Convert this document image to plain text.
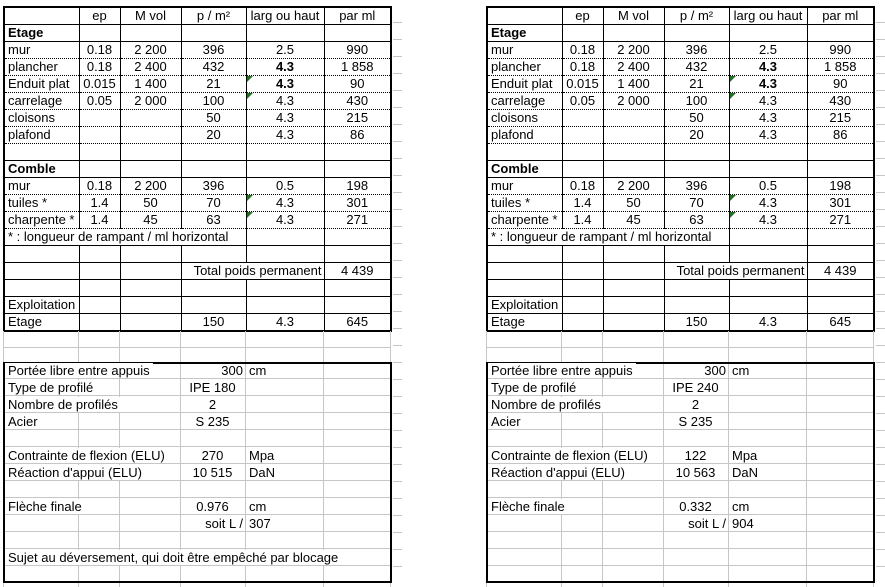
	ep	M vol	p / m²	larg ou haut	par ml
Etage					
mur	0.18	2 200	396	2.5	990
plancher	0.18	2 400	432	4.3	1 858
Enduit plat	0.015	1 400	21	4.3	90
carrelage	0.05	2 000	100	4.3	430
cloisons			50	4.3	215
plafond			20	4.3	86

Comble					
mur	0.18	2 200	396	0.5	198
tuiles *	1.4	50	70	4.3	301
charpente *	1.4	45	63	4.3	271
* : longueur de rampant / ml horizontal					

			Total poids permanent		4 439

Exploitation					
Etage			150	4.3	645
Portée libre entre appuis	300 cm
Type de profilé	IPE 180
Nombre de profilés	2
Acier	S 235
Contrainte de flexion (ELU)	270	Mpa
Réaction d'appui (ELU)	10 515	DaN
Flèche finale	0.976	cm
soit L / 307
Sujet au déversement, qui doit être empêché par blocage
	ep	M vol	p / m²	larg ou haut	par ml
Etage					
mur	0.18	2 200	396	2.5	990
plancher	0.18	2 400	432	4.3	1 858
Enduit plat	0.015	1 400	21	4.3	90
carrelage	0.05	2 000	100	4.3	430
cloisons			50	4.3	215
plafond			20	4.3	86

Comble					
mur	0.18	2 200	396	0.5	198
tuiles *	1.4	50	70	4.3	301
charpente *	1.4	45	63	4.3	271
* : longueur de rampant / ml horizontal					

			Total poids permanent		4 439

Exploitation					
Etage			150	4.3	645
Portée libre entre appuis	300 cm
Type de profilé	IPE 240
Nombre de profilés	2
Acier	S 235
Contrainte de flexion (ELU)	122	Mpa
Réaction d'appui (ELU)	10 563	DaN
Flèche finale	0.332	cm
soit L / 904
